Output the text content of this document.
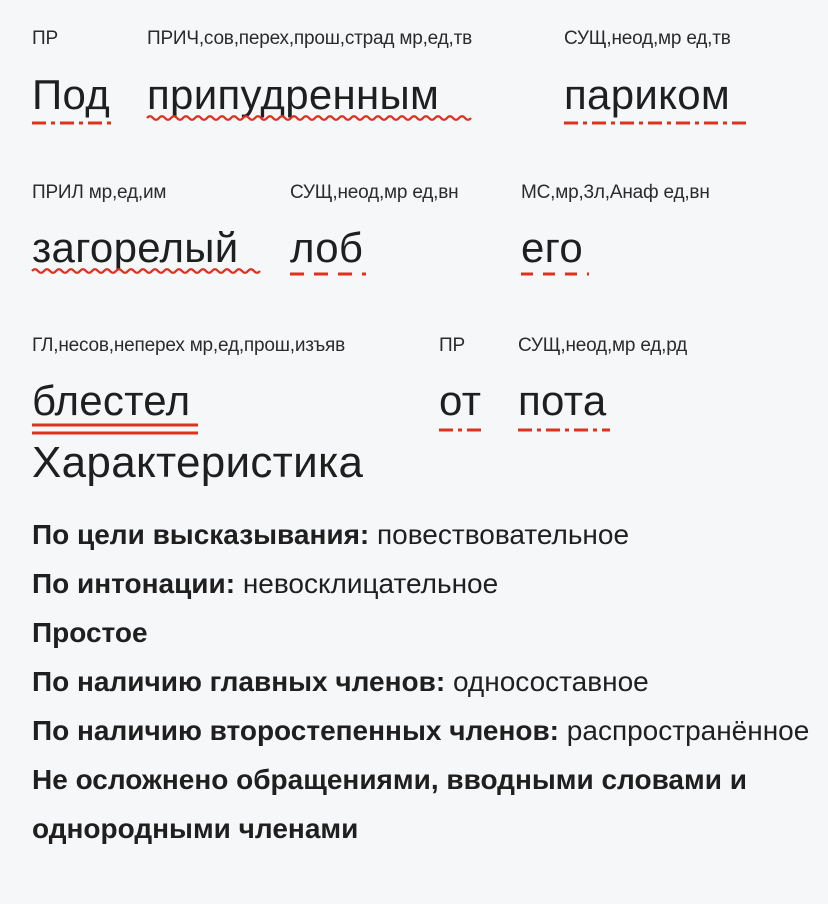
ПР
Под
ПРИЧ,сов,перех,прош,страд мр,ед,тв
припудренным
СУЩ,неод,мр ед,тв
париком
ПРИЛ мр,ед,им
загорелый
СУЩ,неод,мр ед,вн
лоб
МС,мр,3л,Анаф ед,вн
его
ГЛ,несов,неперех мр,ед,прош,изъяв
блестел
ПР
от
СУЩ,неод,мр ед,рд
пота
Характеристика

По цели высказывания: повествовательное

По интонации: невосклицательное

Простое

По наличию главных членов: односоставное

По наличию второстепенных членов: распространённое

Не осложнено обращениями, вводными словами и однородными членами
